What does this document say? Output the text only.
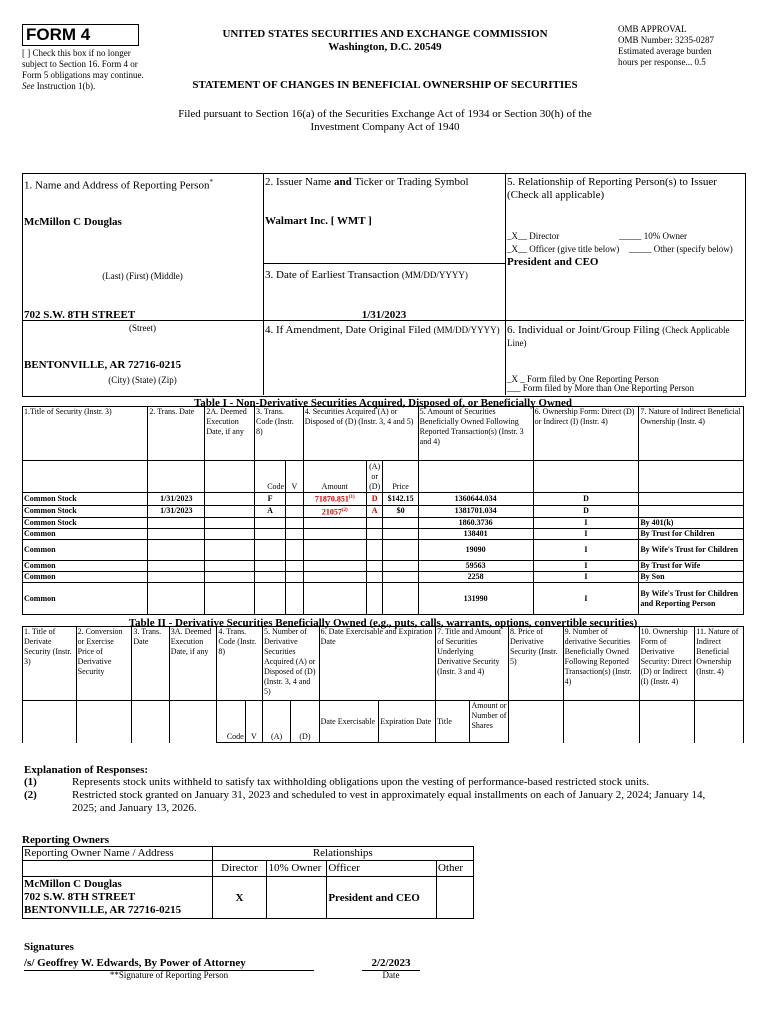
FORM 4
[ ] Check this box if no longer subject to Section 16. Form 4 or Form 5 obligations may continue. See Instruction 1(b).
UNITED STATES SECURITIES AND EXCHANGE COMMISSION
Washington, D.C. 20549
STATEMENT OF CHANGES IN BENEFICIAL OWNERSHIP OF SECURITIES
OMB APPROVAL
OMB Number: 3235-0287
Estimated average burden
hours per response... 0.5
Filed pursuant to Section 16(a) of the Securities Exchange Act of 1934 or Section 30(h) of the
Investment Company Act of 1940
1. Name and Address of Reporting Person*
McMillon C Douglas
(Last) (First) (Middle)
702 S.W. 8TH STREET
(Street)
BENTONVILLE, AR 72716-0215
(City) (State) (Zip)
2. Issuer Name and Ticker or Trading Symbol
Walmart Inc. [ WMT ]
3. Date of Earliest Transaction (MM/DD/YYYY)
1/31/2023
4. If Amendment, Date Original Filed (MM/DD/YYYY)
5. Relationship of Reporting Person(s) to Issuer
(Check all applicable)
_X__ Director	_____ 10% Owner
_X__ Officer (give title below) _____ Other (specify below)
President and CEO
6. Individual or Joint/Group Filing (Check Applicable Line)
_X _ Form filed by One Reporting Person
___ Form filed by More than One Reporting Person
Table I - Non-Derivative Securities Acquired, Disposed of, or Beneficially Owned
1.Title of Security (Instr. 3)	2. Trans. Date	2A. Deemed Execution Date, if any	3. Trans. Code (Instr. 8)		4. Securities Acquired (A) or Disposed of (D) (Instr. 3, 4 and 5)			5. Amount of Securities Beneficially Owned Following Reported Transaction(s) (Instr. 3 and 4)	6. Ownership Form: Direct (D) or Indirect (I) (Instr. 4)	7. Nature of Indirect Beneficial Ownership (Instr. 4)
			Code	V	Amount	(A) or (D)	Price			
Common Stock	1/31/2023		F		71870.851$^{(1)}$	D	$142.15	1360644.034	D	
Common Stock	1/31/2023		A		21057$^{(2)}$	A	$0	1381701.034	D	
Common Stock								1860.3736	I	By 401(k)
Common								138401	I	By Trust for Children
Common								19090	I	By Wife's Trust for Children
Common								59563	I	By Trust for Wife
Common								2258	I	By Son
Common								131990	I	By Wife's Trust for Children and Reporting Person
Table II - Derivative Securities Beneficially Owned (e.g., puts, calls, warrants, options, convertible securities)
1. Title of Derivate Security (Instr. 3)	2. Conversion or Exercise Price of Derivative Security	3. Trans. Date	3A. Deemed Execution Date, if any	4. Trans. Code (Instr. 8)		5. Number of Derivative Securities Acquired (A) or Disposed of (D) (Instr. 3, 4 and 5)		6. Date Exercisable and Expiration Date		7. Title and Amount of Securities Underlying Derivative Security (Instr. 3 and 4)		8. Price of Derivative Security (Instr. 5)	9. Number of derivative Securities Beneficially Owned Following Reported Transaction(s) (Instr. 4)	10. Ownership Form of Derivative Security: Direct (D) or Indirect (I) (Instr. 4)	11. Nature of Indirect Beneficial Ownership (Instr. 4)
				Code	V	(A)	(D)	Date Exercisable	Expiration Date	Title	Amount or Number of Shares				
Explanation of Responses:
(1)	Represents stock units withheld to satisfy tax withholding obligations upon the vesting of performance-based restricted stock units.
(2)	Restricted stock granted on January 31, 2023 and scheduled to vest in approximately equal installments on each of January 2, 2024; January 14,
2025; and January 13, 2026.
Reporting Owners
Reporting Owner Name / Address	Relationships			
	Director	10% Owner	Officer	Other

McMillon C Douglas
702 S.W. 8TH STREET
BENTONVILLE, AR 72716-0215	X		President and CEO	
Signatures
/s/ Geoffrey W. Edwards, By Power of Attorney	2/2/2023
**Signature of Reporting Person	Date
